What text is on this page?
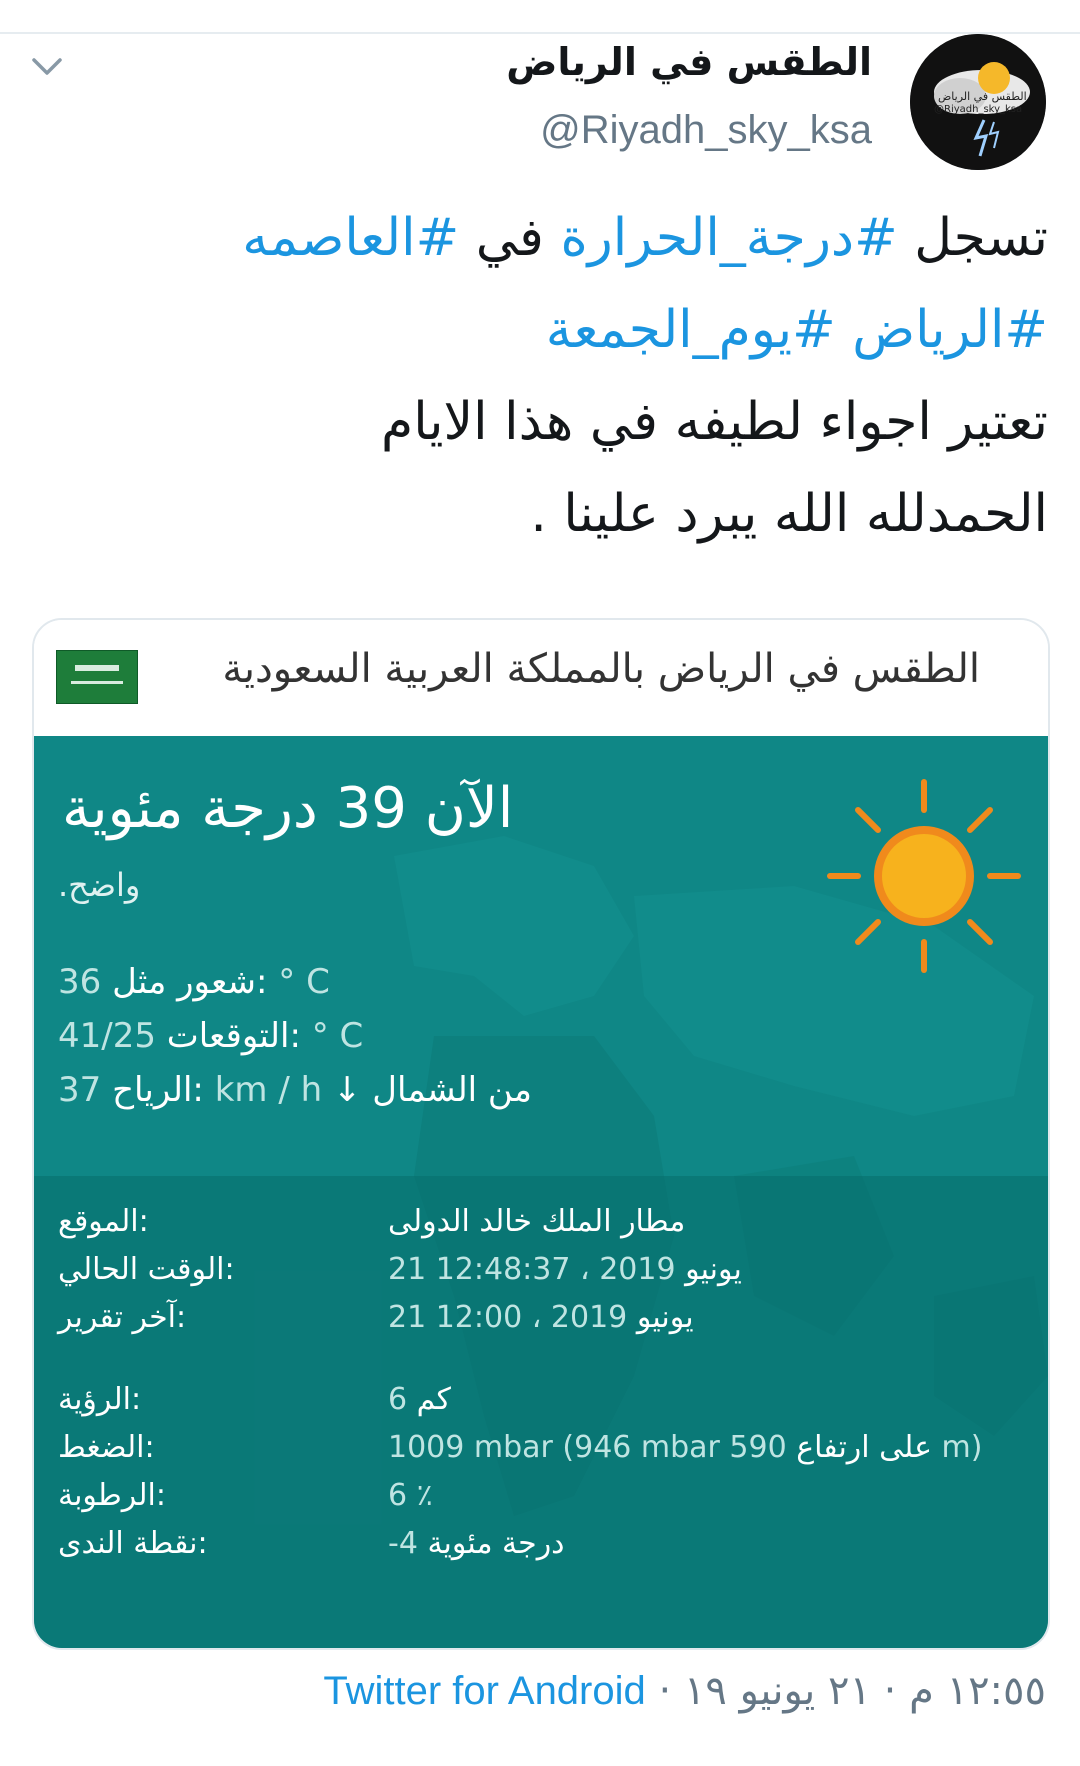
الطقس في الرياض
@Riyadh_sky_ksa
الطقس في الرياض
@Riyadh_sky_ksa
تسجل #درجة_الحرارة في #العاصمه
#الرياض #يوم_الجمعة
تعتير اجواء لطيفه في هذا الايام
الحمدلله الله يبرد علينا .
الطقس في الرياض بالمملكة العربية السعودية
الآن 39 درجة مئوية
واضح.
36 شعور مثل: ° C
41/25 التوقعات: ° C
37 الرياح: km / h ↓ من الشمال
الموقع:	مطار الملك خالد الدولى
الوقت الحالي:	21 12:48:37 ، 2019 يونيو
آخر تقرير:	21 12:00 ، 2019 يونيو
الرؤية:	6 كم
الضغط:	1009 mbar (946 mbar 590 على ارتفاع m)
الرطوبة:	6 ٪
نقطة الندى:	-4 درجة مئوية
١٢:٥٥ م · ٢١ يونيو ١٩ · Twitter for Android
